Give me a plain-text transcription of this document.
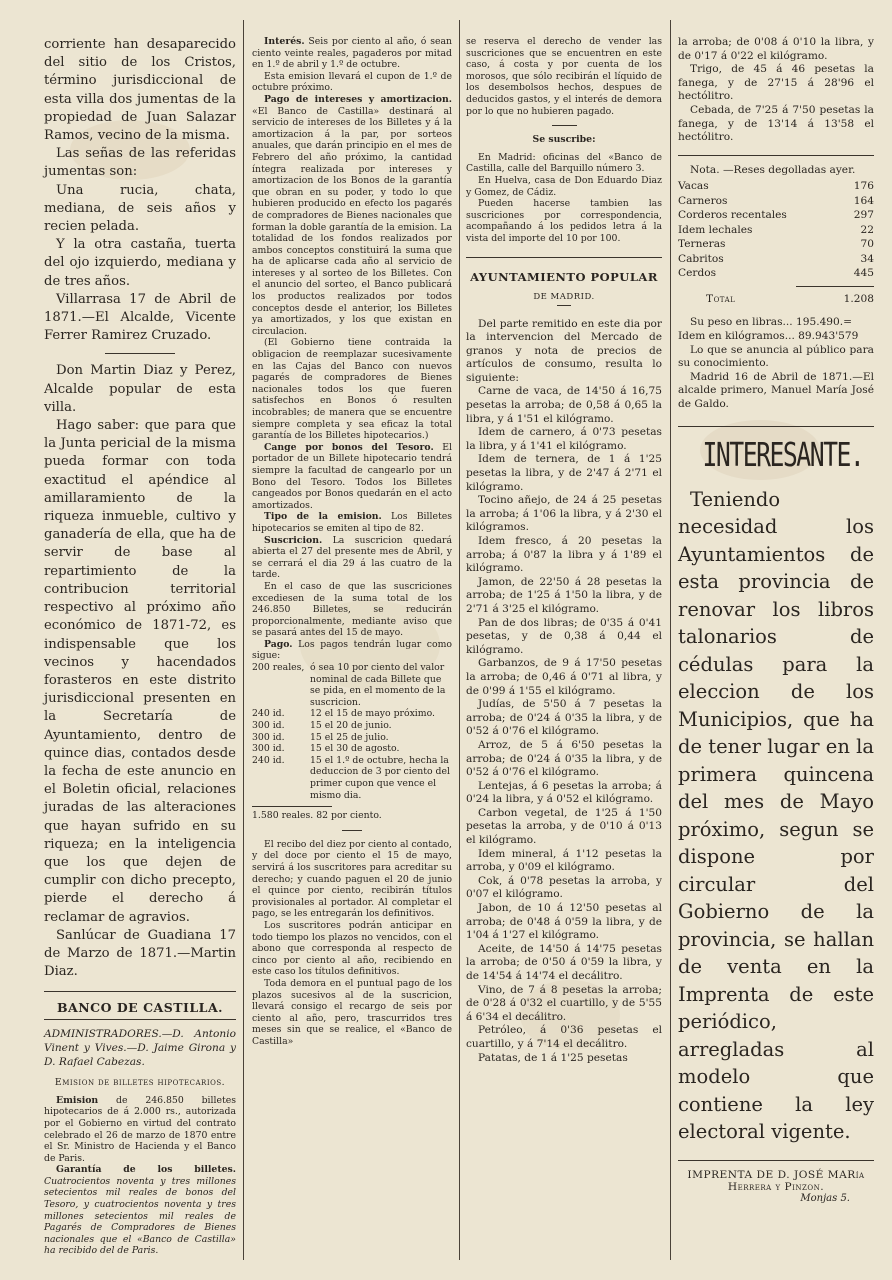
corriente han desaparecido del sitio de los Cristos, término jurisdiccional de esta villa dos jumentas de la propiedad de Juan Salazar Ramos, vecino de la misma.

Las señas de las referidas jumentas son:

Una rucia, chata, mediana, de seis años y recien pelada.

Y la otra castaña, tuerta del ojo izquierdo, mediana y de tres años.

Villarrasa 17 de Abril de 1871.—El Alcalde, Vicente Ferrer Ramirez Cruzado.

Don Martin Diaz y Perez, Alcalde popular de esta villa.

Hago saber: que para que la Junta pericial de la misma pueda formar con toda exactitud el apéndice al amillaramiento de la riqueza inmueble, cultivo y ganadería de ella, que ha de servir de base al repartimiento de la contribucion territorial respectivo al próximo año económico de 1871-72, es indispensable que los vecinos y hacendados forasteros en este distrito jurisdiccional presenten en la Secretaría de Ayuntamiento, dentro de quince dias, contados desde la fecha de este anuncio en el Boletin oficial, relaciones juradas de las alteraciones que hayan sufrido en su riqueza; en la inteligencia que los que dejen de cumplir con dicho precepto, pierde el derecho á reclamar de agravios.

Sanlúcar de Guadiana 17 de Marzo de 1871.—Martin Diaz.

BANCO DE CASTILLA.

ADMINISTRADORES.—D. Antonio Vinent y Vives.—D. Jaime Girona y D. Rafael Cabezas.

Emision de billetes hipotecarios.

Emision de 246.850 billetes hipotecarios de á 2.000 rs., autorizada por el Gobierno en virtud del contrato celebrado el 26 de marzo de 1870 entre el Sr. Ministro de Hacienda y el Banco de Paris.

Garantía de los billetes. Cuatrocientos noventa y tres millones setecientos mil reales de bonos del Tesoro, y cuatrocientos noventa y tres millones setecientos mil reales de Pagarés de Compradores de Bienes nacionales que el «Banco de Castilla» ha recibido del de Paris.

Interés. Seis por ciento al año, ó sean ciento veinte reales, pagaderos por mitad en 1.º de abril y 1.º de octubre.

Esta emision llevará el cupon de 1.º de octubre próximo.

Pago de intereses y amortizacion. «El Banco de Castilla» destinará al servicio de intereses de los Billetes y á la amortizacion á la par, por sorteos anuales, que darán principio en el mes de Febrero del año próximo, la cantidad íntegra realizada por intereses y amortizacion de los Bonos de la garantía que obran en su poder, y todo lo que hubieren producido en efecto los pagarés de compradores de Bienes nacionales que forman la doble garantía de la emision. La totalidad de los fondos realizados por ambos conceptos constituirá la suma que ha de aplicarse cada año al servicio de intereses y al sorteo de los Billetes. Con el anuncio del sorteo, el Banco publicará los productos realizados por todos conceptos desde el anterior, los Billetes ya amortizados, y los que existan en circulacion.

(El Gobierno tiene contraida la obligacion de reemplazar sucesivamente en las Cajas del Banco con nuevos pagarés de compradores de Bienes nacionales todos los que fueren satisfechos en Bonos ó resulten incobrables; de manera que se encuentre siempre completa y sea eficaz la total garantía de los Billetes hipotecarios.)

Cange por bonos del Tesoro. El portador de un Billete hipotecario tendrá siempre la facultad de cangearlo por un Bono del Tesoro. Todos los Billetes cangeados por Bonos quedarán en el acto amortizados.

Tipo de la emision. Los Billetes hipotecarios se emiten al tipo de 82.

Suscricion. La suscricion quedará abierta el 27 del presente mes de Abril, y se cerrará el dia 29 á las cuatro de la tarde.

En el caso de que las suscriciones excediesen de la suma total de los 246.850 Billetes, se reducirán proporcionalmente, mediante aviso que se pasará antes del 15 de mayo.

Pago. Los pagos tendrán lugar como sigue:

200 reales,	ó sea 10 por ciento del valor nominal de cada Billete que se pida, en el momento de la suscricion.
240 id.	12 el 15 de mayo próximo.
300 id.	15 el 20 de junio.
300 id.	15 el 25 de julio.
300 id.	15 el 30 de agosto.
240 id.	15 el 1.º de octubre, hecha la deduccion de 3 por ciento del primer cupon que vence el mismo dia.

1.580 reales. 82 por ciento.

El recibo del diez por ciento al contado, y del doce por ciento el 15 de mayo, servirá á los suscritores para acreditar su derecho; y cuando paguen el 20 de junio el quince por ciento, recibirán títulos provisionales al portador. Al completar el pago, se les entregarán los definitivos.

Los suscritores podrán anticipar en todo tiempo los plazos no vencidos, con el abono que corresponda al respecto de cinco por ciento al año, recibiendo en este caso los títulos definitivos.

Toda demora en el puntual pago de los plazos sucesivos al de la suscricion, llevará consigo el recargo de seis por ciento al año, pero, trascurridos tres meses sin que se realice, el «Banco de Castilla»

se reserva el derecho de vender las suscriciones que se encuentren en este caso, á costa y por cuenta de los morosos, que sólo recibirán el líquido de los desembolsos hechos, despues de deducidos gastos, y el interés de demora por lo que no hubieren pagado.

Se suscribe:

En Madrid: oficinas del «Banco de Castilla, calle del Barquillo número 3.

En Huelva, casa de Don Eduardo Diaz y Gomez, de Cádiz.

Pueden hacerse tambien las suscriciones por correspondencia, acompañando á los pedidos letra á la vista del importe del 10 por 100.

AYUNTAMIENTO POPULAR

DE MADRID.

Del parte remitido en este dia por la intervencion del Mercado de granos y nota de precios de artículos de consumo, resulta lo siguiente:

Carne de vaca, de 14'50 á 16,75 pesetas la arroba; de 0,58 á 0,65 la libra, y á 1'51 el kilógramo.

Idem de carnero, á 0'73 pesetas la libra, y á 1'41 el kilógramo.

Idem de ternera, de 1 á 1'25 pesetas la libra, y de 2'47 á 2'71 el kilógramo.

Tocino añejo, de 24 á 25 pesetas la arroba; á 1'06 la libra, y á 2'30 el kilógramos.

Idem fresco, á 20 pesetas la arroba; á 0'87 la libra y á 1'89 el kilógramo.

Jamon, de 22'50 á 28 pesetas la arroba; de 1'25 á 1'50 la libra, y de 2'71 á 3'25 el kilógramo.

Pan de dos libras; de 0'35 á 0'41 pesetas, y de 0,38 á 0,44 el kilógramo.

Garbanzos, de 9 á 17'50 pesetas la arroba; de 0,46 á 0'71 al libra, y de 0'99 á 1'55 el kilógramo.

Judías, de 5'50 á 7 pesetas la arroba; de 0'24 á 0'35 la libra, y de 0'52 á 0'76 el kilógramo.

Arroz, de 5 á 6'50 pesetas la arroba; de 0'24 á 0'35 la libra, y de 0'52 á 0'76 el kilógramo.

Lentejas, á 6 pesetas la arroba; á 0'24 la libra, y á 0'52 el kilógramo.

Carbon vegetal, de 1'25 á 1'50 pesetas la arroba, y de 0'10 á 0'13 el kilógramo.

Idem mineral, á 1'12 pesetas la arroba, y 0'09 el kilógramo.

Cok, á 0'78 pesetas la arroba, y 0'07 el kilógramo.

Jabon, de 10 á 12'50 pesetas al arroba; de 0'48 á 0'59 la libra, y de 1'04 á 1'27 el kilógramo.

Aceite, de 14'50 á 14'75 pesetas la arroba; de 0'50 á 0'59 la libra, y de 14'54 á 14'74 el decálitro.

Vino, de 7 á 8 pesetas la arroba; de 0'28 á 0'32 el cuartillo, y de 5'55 á 6'34 el decálitro.

Petróleo, á 0'36 pesetas el cuartillo, y á 7'14 el decálitro.

Patatas, de 1 á 1'25 pesetas

la arroba; de 0'08 á 0'10 la libra, y de 0'17 á 0'22 el kilógramo.

Trigo, de 45 á 46 pesetas la fanega, y de 27'15 á 28'96 el hectólitro.

Cebada, de 7'25 á 7'50 pesetas la fanega, y de 13'14 á 13'58 el hectólitro.

Nota. —Reses degolladas ayer.

Vacas	176
Carneros	164
Corderos recentales	297
Idem lechales	22
Terneras	70
Cabritos	34
Cerdos	445

Total	1.208

Su peso en libras... 195.490.=

Idem en kilógramos... 89.943'579

Lo que se anuncia al público para su conocimiento.

Madrid 16 de Abril de 1871.—El alcalde primero, Manuel María José de Galdo.

INTERESANTE.

Teniendo necesidad los Ayuntamientos de esta provincia de renovar los libros talonarios de cédulas para la eleccion de los Municipios, que ha de tener lugar en la primera quincena del mes de Mayo próximo, segun se dispone por circular del Gobierno de la provincia, se hallan de venta en la Imprenta de este periódico, arregladas al modelo que contiene la ley electoral vigente.

IMPRENTA DE D. JOSÉ MARía Herrera y Pinzon.

Monjas 5.
